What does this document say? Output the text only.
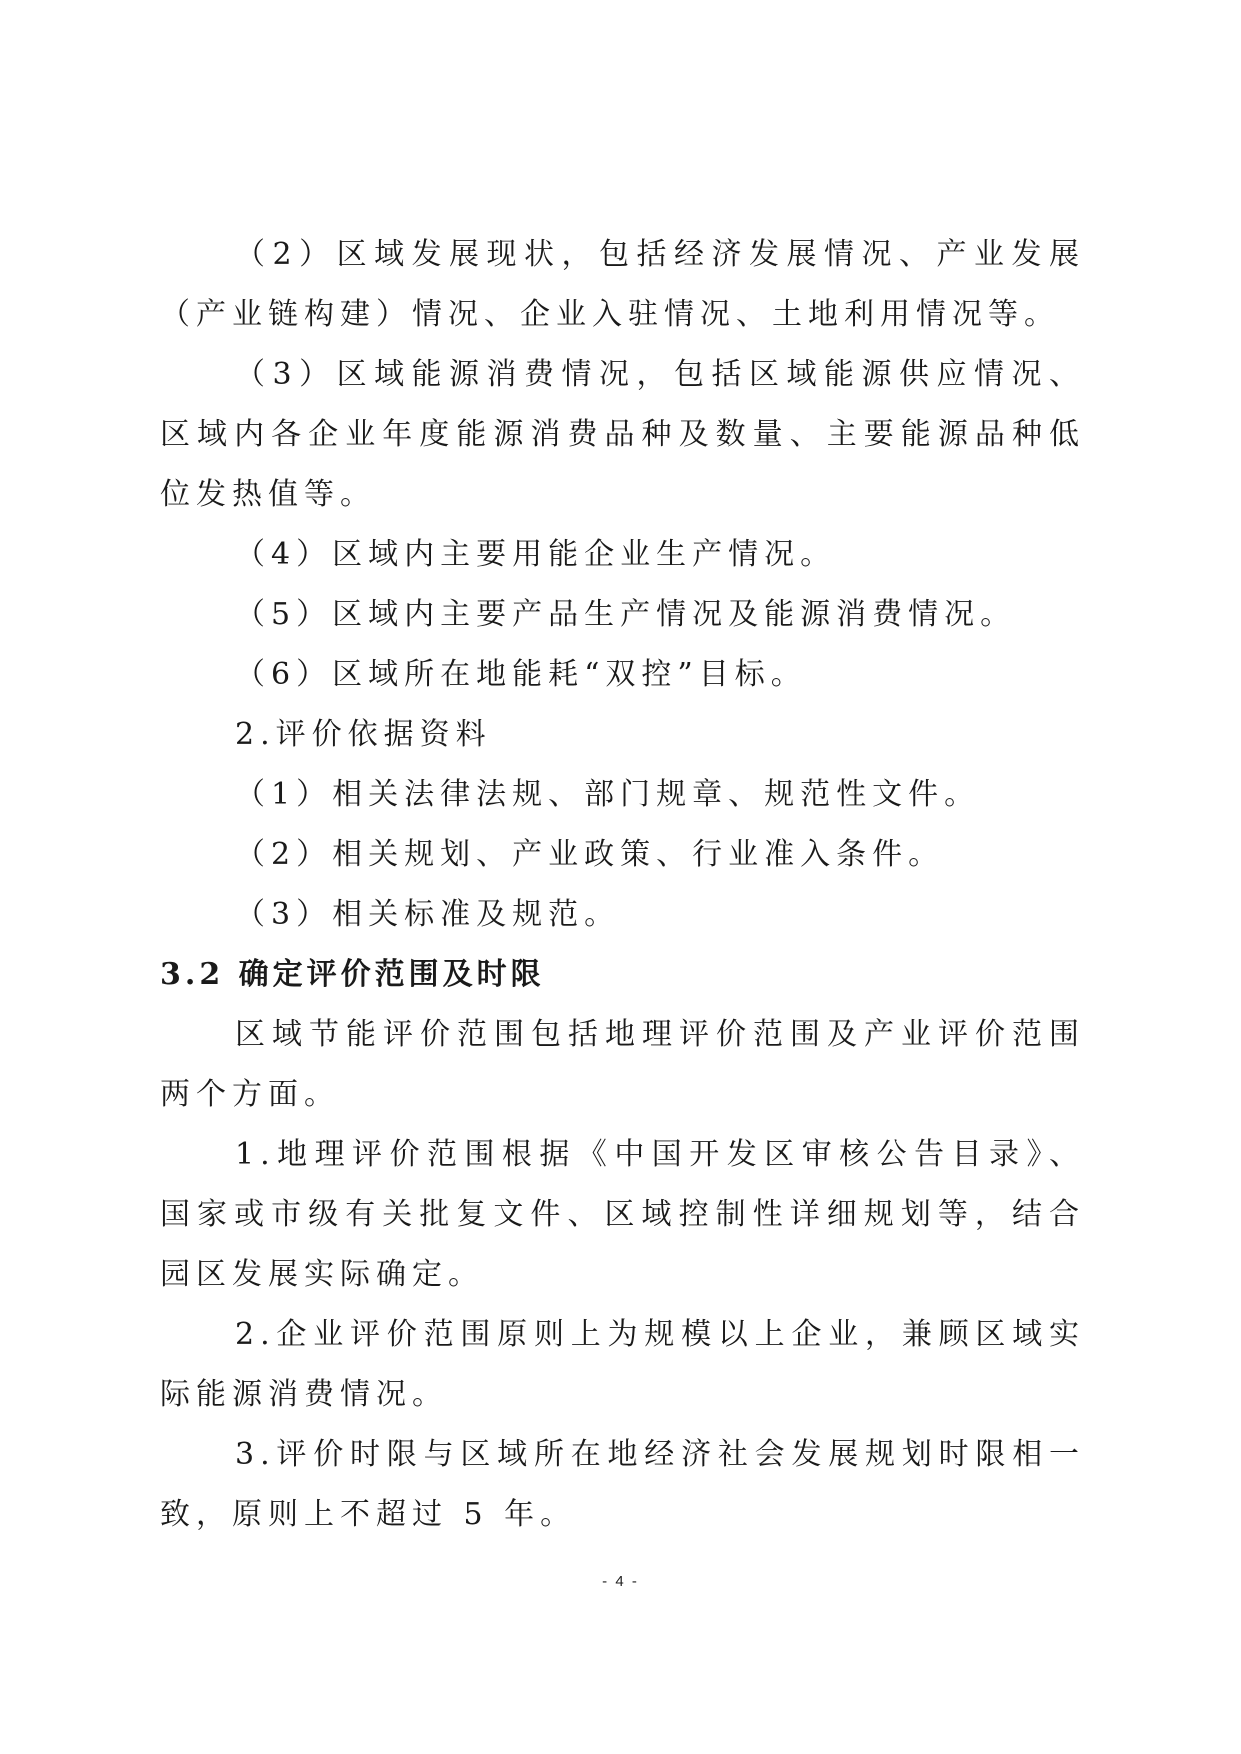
（2）区域发展现状，包括经济发展情况、产业发展（产业链构建）情况、企业入驻情况、土地利用情况等。

（3）区域能源消费情况，包括区域能源供应情况、区域内各企业年度能源消费品种及数量、主要能源品种低位发热值等。

（4）区域内主要用能企业生产情况。

（5）区域内主要产品生产情况及能源消费情况。

（6）区域所在地能耗“双控”目标。

2.评价依据资料

（1）相关法律法规、部门规章、规范性文件。

（2）相关规划、产业政策、行业准入条件。

（3）相关标准及规范。

3.2 确定评价范围及时限

区域节能评价范围包括地理评价范围及产业评价范围两个方面。

1.地理评价范围根据《中国开发区审核公告目录》、国家或市级有关批复文件、区域控制性详细规划等，结合园区发展实际确定。

2.企业评价范围原则上为规模以上企业，兼顾区域实际能源消费情况。

3.评价时限与区域所在地经济社会发展规划时限相一致，原则上不超过 5 年。

- 4 -
